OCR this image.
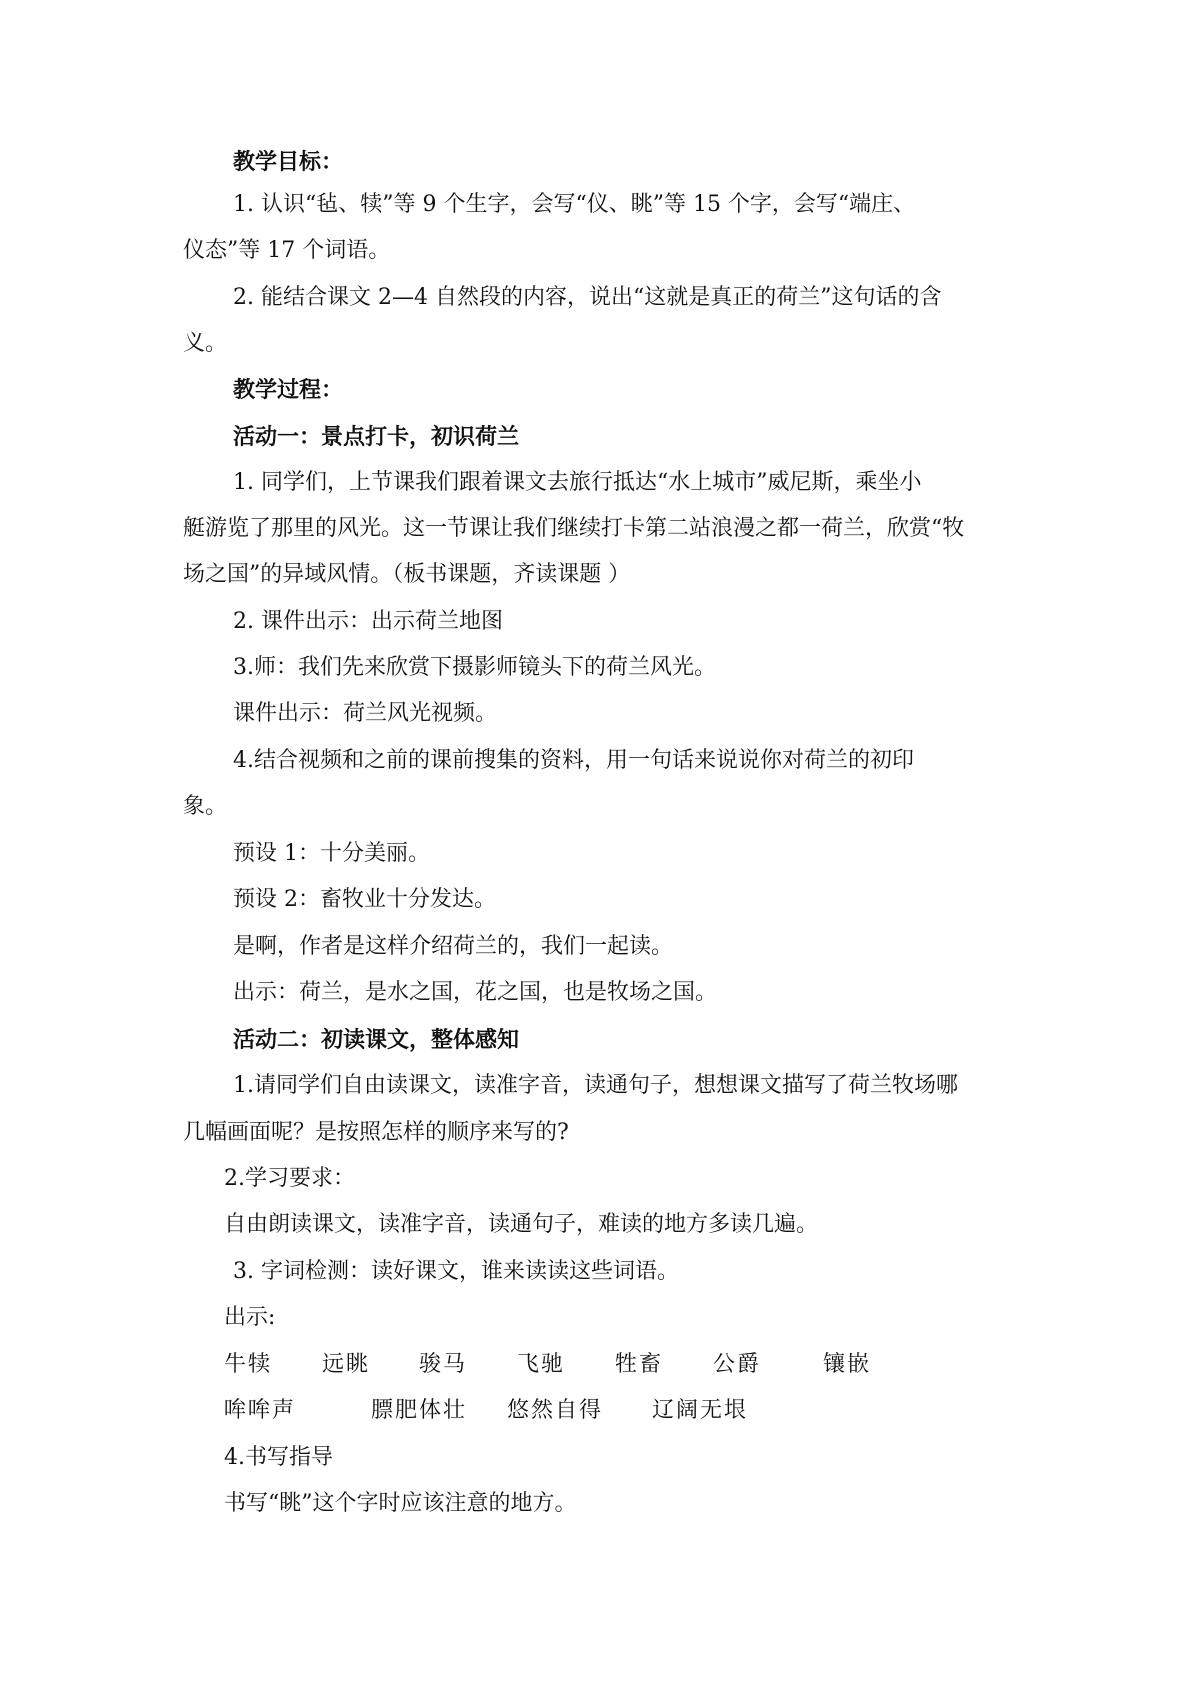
教学目标：

1. 认识“毡、犊”等 9 个生字，会写“仪、眺”等 15 个字，会写“端庄、

仪态”等 17 个词语。

2. 能结合课文 2—4 自然段的内容，说出“这就是真正的荷兰”这句话的含

义。

教学过程：

活动一：景点打卡，初识荷兰

1. 同学们，上节课我们跟着课文去旅行抵达“水上城市”威尼斯，乘坐小

艇游览了那里的风光。这一节课让我们继续打卡第二站浪漫之都一荷兰，欣赏“牧

场之国”的异域风情。（板书课题，齐读课题 ）

2. 课件出示：出示荷兰地图

3.师：我们先来欣赏下摄影师镜头下的荷兰风光。

课件出示：荷兰风光视频。

4.结合视频和之前的课前搜集的资料，用一句话来说说你对荷兰的初印

象。

预设 1：十分美丽。

预设 2：畜牧业十分发达。

是啊，作者是这样介绍荷兰的，我们一起读。

出示：荷兰，是水之国，花之国，也是牧场之国。

活动二：初读课文，整体感知

1.请同学们自由读课文，读准字音，读通句子，想想课文描写了荷兰牧场哪

几幅画面呢？是按照怎样的顺序来写的?

2.学习要求：

自由朗读课文，读准字音，读通句子，难读的地方多读几遍。

3. 字词检测：读好课文，谁来读读这些词语。

出示:

牛犊 远眺 骏马 飞驰 牲畜 公爵	镶嵌

哞哞声	膘肥体壮 悠然自得 辽阔无垠

4.书写指导

书写“眺”这个字时应该注意的地方。
